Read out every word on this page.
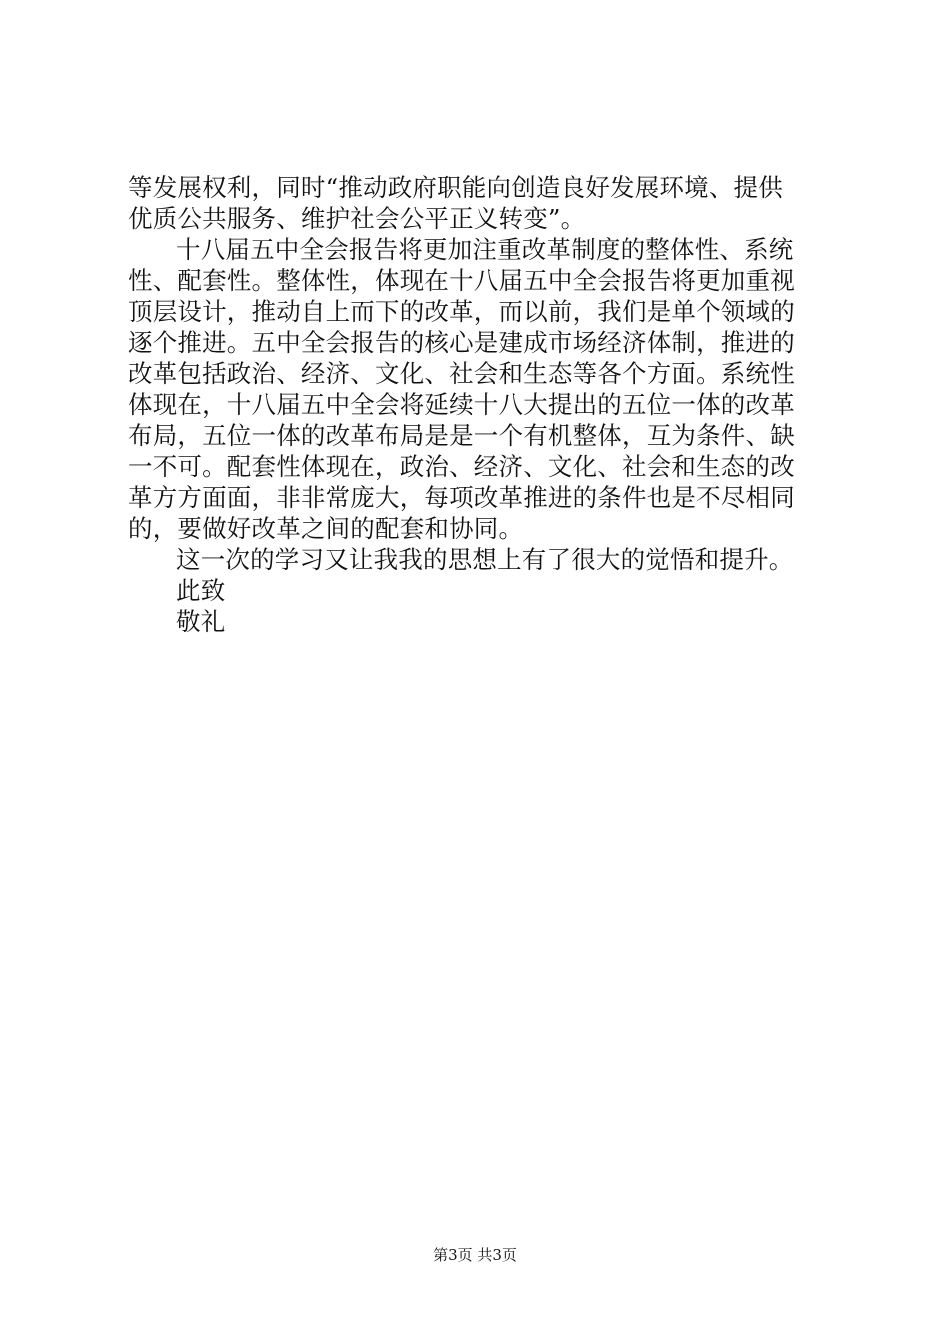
等发展权利，同时“推动政府职能向创造良好发展环境、提供
优质公共服务、维护社会公平正义转变”。
十八届五中全会报告将更加注重改革制度的整体性、系统
性、配套性。整体性，体现在十八届五中全会报告将更加重视
顶层设计，推动自上而下的改革，而以前，我们是单个领域的
逐个推进。五中全会报告的核心是建成市场经济体制，推进的
改革包括政治、经济、文化、社会和生态等各个方面。系统性
体现在，十八届五中全会将延续十八大提出的五位一体的改革
布局，五位一体的改革布局是是一个有机整体，互为条件、缺
一不可。配套性体现在，政治、经济、文化、社会和生态的改
革方方面面，非非常庞大，每项改革推进的条件也是不尽相同
的，要做好改革之间的配套和协同。
这一次的学习又让我我的思想上有了很大的觉悟和提升。
此致
敬礼
第3页 共3页
